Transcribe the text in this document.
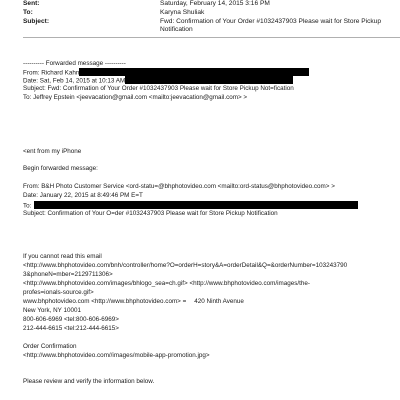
Sent:	Saturday, February 14, 2015 3:16 PM
To:	Karyna Shuliak
Subject:	Fwd: Confirmation of Your Order #1032437903 Please wait for Store Pickup Notification
---------- Forwarded message ----------
From: Richard Kahn
Date: Sat, Feb 14, 2015 at 10:13 AM
Subject: Fwd: Confirmation of Your Order #1032437903 Please wait for Store Pickup Not=fication
To: Jeffrey Epstein <jeevacation@gmail.com <mailto:jeevacation@gmail.com> >
<ent from my iPhone
Begin forwarded message:
From: B&H Photo Customer Service <ord-statu=@bhphotovideo.com <mailto:ord-status@bhphotovideo.com> >
Date: January 22, 2015 at 8:49:46 PM E=T
To:
Subject: Confirmation of Your O=der #1032437903 Please wait for Store Pickup Notification
If you cannot read this email
<http://www.bhphotovideo.com/bnh/controller/home?O=orderH=story&A=orderDetail&Q=&orderNumber=103243790
3&phoneN=mber=2129711306>
<http://www.bhphotovideo.com/images/bhlogo_sea=ch.gif> <http://www.bhphotovideo.com/images/the-
profes=ionals-source.gif>
www.bhphotovideo.com <http://www.bhphotovideo.com> = 420 Ninth Avenue
New York, NY 10001
800-606-6969 <tel:800-606-6969>
212-444-6615 <tel:212-444-6615>
Order Confirmation
<http://www.bhphotovideo.com//images/mobile-app-promotion.jpg>
Please review and verify the information below.
